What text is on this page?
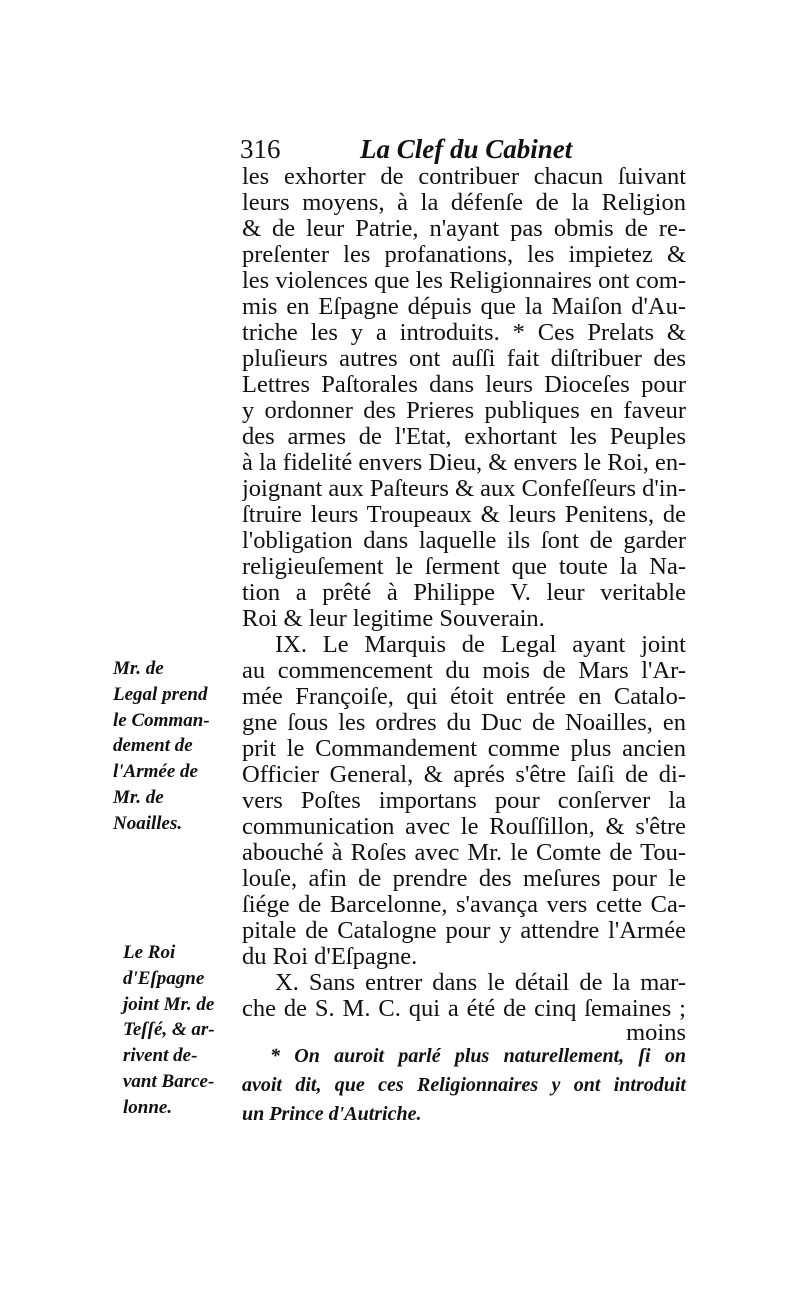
316	La Clef du Cabinet
les exhorter de contribuer chacun ſuivant
leurs moyens, à la défenſe de la Religion
& de leur Patrie, n'ayant pas obmis de re-
preſenter les profanations, les impietez &
les violences que les Religionnaires ont com-
mis en Eſpagne dépuis que la Maiſon d'Au-
triche les y a introduits. * Ces Prelats &
pluſieurs autres ont auſſi fait diſtribuer des
Lettres Paſtorales dans leurs Dioceſes pour
y ordonner des Prieres publiques en faveur
des armes de l'Etat, exhortant les Peuples
à la fidelité envers Dieu, & envers le Roi, en-
joignant aux Paſteurs & aux Confeſſeurs d'in-
ſtruire leurs Troupeaux & leurs Penitens, de
l'obligation dans laquelle ils ſont de garder
religieuſement le ſerment que toute la Na-
tion a prêté à Philippe V. leur veritable
Roi & leur legitime Souverain.
IX. Le Marquis de Legal ayant joint
au commencement du mois de Mars l'Ar-
mée Françoiſe, qui étoit entrée en Catalo-
gne ſous les ordres du Duc de Noailles, en
prit le Commandement comme plus ancien
Officier General, & aprés s'être ſaiſi de di-
vers Poſtes importans pour conſerver la
communication avec le Rouſſillon, & s'être
abouché à Roſes avec Mr. le Comte de Tou-
louſe, afin de prendre des meſures pour le
ſiége de Barcelonne, s'avança vers cette Ca-
pitale de Catalogne pour y attendre l'Armée
du Roi d'Eſpagne.
X. Sans entrer dans le détail de la mar-
che de S. M. C. qui a été de cinq ſemaines ;
moins
Mr. de
Legal prend
le Comman-
dement de
l'Armée de
Mr. de
Noailles.
Le Roi
d'Eſpagne
joint Mr. de
Teſſé, & ar-
rivent de-
vant Barce-
lonne.
* On auroit parlé plus naturellement, ſi on
avoit dit, que ces Religionnaires y ont introduit
un Prince d'Autriche.
